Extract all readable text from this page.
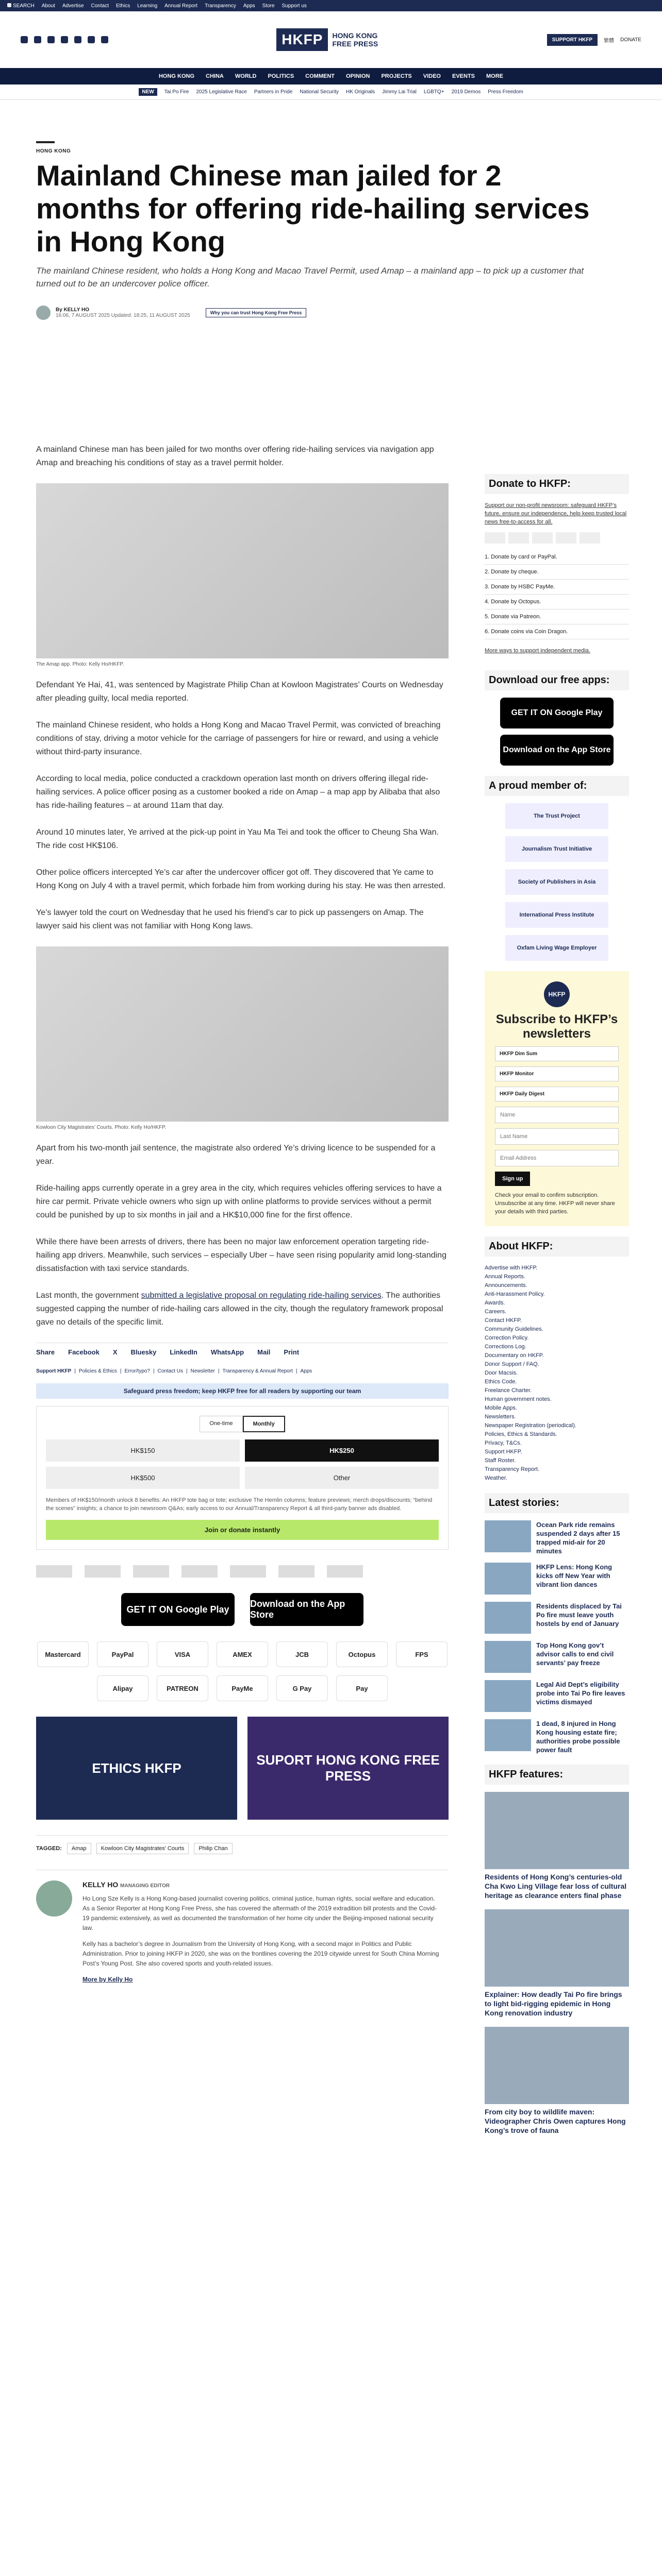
SEARCH About Advertise Contact Ethics Learning Annual Report Transparency Apps Store Support us
HKFP	HONG KONG FREE PRESS	SUPPORT HKFP	繁體 DONATE
HONG KONG CHINA WORLD POLITICS COMMENT OPINION PROJECTS VIDEO EVENTS MORE
NEW	Tai Po Fire 2025 Legislative Race Partners in Pride National Security HK Originals Jimmy Lai Trial LGBTQ+ 2019 Demos Press Freedom
HONG KONG
Mainland Chinese man jailed for 2 months for offering ride-hailing services in Hong Kong
The mainland Chinese resident, who holds a Hong Kong and Macao Travel Permit, used Amap – a mainland app – to pick up a customer that turned out to be an undercover police officer.
By KELLY HO
16:06, 7 AUGUST 2025 Updated: 18:25, 11 AUGUST 2025	Why you can trust Hong Kong Free Press

A mainland Chinese man has been jailed for two months over offering ride-hailing services via navigation app Amap and breaching his conditions of stay as a travel permit holder.

The Amap app. Photo: Kelly Ho/HKFP.

Defendant Ye Hai, 41, was sentenced by Magistrate Philip Chan at Kowloon Magistrates’ Courts on Wednesday after pleading guilty, local media reported.

The mainland Chinese resident, who holds a Hong Kong and Macao Travel Permit, was convicted of breaching conditions of stay, driving a motor vehicle for the carriage of passengers for hire or reward, and using a vehicle without third-party insurance.

According to local media, police conducted a crackdown operation last month on drivers offering illegal ride-hailing services. A police officer posing as a customer booked a ride on Amap – a map app by Alibaba that also has ride-hailing features – at around 11am that day.

Around 10 minutes later, Ye arrived at the pick-up point in Yau Ma Tei and took the officer to Cheung Sha Wan. The ride cost HK$106.

Other police officers intercepted Ye’s car after the undercover officer got off. They discovered that Ye came to Hong Kong on July 4 with a travel permit, which forbade him from working during his stay. He was then arrested.

Ye’s lawyer told the court on Wednesday that he used his friend’s car to pick up passengers on Amap. The lawyer said his client was not familiar with Hong Kong laws.

Kowloon City Magistrates’ Courts. Photo: Kelly Ho/HKFP.

Apart from his two-month jail sentence, the magistrate also ordered Ye’s driving licence to be suspended for a year.

Ride-hailing apps currently operate in a grey area in the city, which requires vehicles offering services to have a hire car permit. Private vehicle owners who sign up with online platforms to provide services without a permit could be punished by up to six months in jail and a HK$10,000 fine for the first offence.

While there have been arrests of drivers, there has been no major law enforcement operation targeting ride-hailing app drivers. Meanwhile, such services – especially Uber – have seen rising popularity amid long-standing dissatisfaction with taxi service standards.

Last month, the government submitted a legislative proposal on regulating ride-hailing services. The authorities suggested capping the number of ride-hailing cars allowed in the city, though the regulatory framework proposal gave no details of the specific limit.

Share Facebook X Bluesky LinkedIn WhatsApp Mail Print
Support HKFP | Policies & Ethics | Error/typo? | Contact Us | Newsletter | Transparency & Annual Report | Apps
Safeguard press freedom; keep HKFP free for all readers by supporting our team
One-time	Monthly
HK$150	HK$250
HK$500	Other
Members of HK$150/month unlock 8 benefits: An HKFP tote bag or tote; exclusive The Hemlin columns; feature previews; merch drops/discounts; “behind the scenes” insights; a chance to join newsroom Q&As; early access to our Annual/Transparency Report & all third-party banner ads disabled.
Join or donate instantly
GET IT ON Google Play
Download on the App Store
Mastercard	PayPal	VISA	AMEX	JCB	Octopus	FPS
Alipay	PATREON	PayMe	G Pay	Pay
ETHICS HKFP
SUPORT HONG KONG FREE PRESS
TAGGED:	Amap	Kowloon City Magistrates' Courts	Philip Chan
KELLY HO MANAGING EDITOR

Ho Long Sze Kelly is a Hong Kong-based journalist covering politics, criminal justice, human rights, social welfare and education. As a Senior Reporter at Hong Kong Free Press, she has covered the aftermath of the 2019 extradition bill protests and the Covid-19 pandemic extensively, as well as documented the transformation of her home city under the Beijing-imposed national security law.

Kelly has a bachelor’s degree in Journalism from the University of Hong Kong, with a second major in Politics and Public Administration. Prior to joining HKFP in 2020, she was on the frontlines covering the 2019 citywide unrest for South China Morning Post’s Young Post. She also covered sports and youth-related issues.

More by Kelly Ho
Donate to HKFP:
Support our non-profit newsroom: safeguard HKFP’s future, ensure our independence, help keep trusted local news free-to-access for all.
1. Donate by card or PayPal.
2. Donate by cheque.
3. Donate by HSBC PayMe.
4. Donate by Octopus.
5. Donate via Patreon.
6. Donate coins via Coin Dragon.
More ways to support independent media.
Download our free apps:
GET IT ON Google Play
Download on the App Store
A proud member of:
The Trust Project
Journalism Trust Initiative
Society of Publishers in Asia
International Press Institute
Oxfam Living Wage Employer
HKFP
Subscribe to HKFP’s newsletters
HKFP Dim Sum
HKFP Monitor
HKFP Daily Digest
Name
Last Name
Email Address
Sign up
Check your email to confirm subscription. Unsubscribe at any time. HKFP will never share your details with third parties.
About HKFP:
Advertise with HKFP.
Annual Reports.
Announcements.
Anti-Harassment Policy.
Awards.
Careers.
Contact HKFP.
Community Guidelines.
Correction Policy.
Corrections Log.
Documentary on HKFP.
Donor Support / FAQ.
Door Macsis.
Ethics Code.
Freelance Charter.
Human government notes.
Mobile Apps.
Newsletters.
Newspaper Registration (periodical).
Policies, Ethics & Standards.
Privacy, T&Cs.
Support HKFP.
Staff Roster.
Transparency Report.
Weather.
Latest stories:
Ocean Park ride remains suspended 2 days after 15 trapped mid-air for 20 minutes
HKFP Lens: Hong Kong kicks off New Year with vibrant lion dances
Residents displaced by Tai Po fire must leave youth hostels by end of January
Top Hong Kong gov’t advisor calls to end civil servants’ pay freeze
Legal Aid Dept’s eligibility probe into Tai Po fire leaves victims dismayed
1 dead, 8 injured in Hong Kong housing estate fire; authorities probe possible power fault
HKFP features:
Residents of Hong Kong’s centuries-old Cha Kwo Ling Village fear loss of cultural heritage as clearance enters final phase
Explainer: How deadly Tai Po fire brings to light bid-rigging epidemic in Hong Kong renovation industry
From city boy to wildlife maven: Videographer Chris Owen captures Hong Kong’s trove of fauna
